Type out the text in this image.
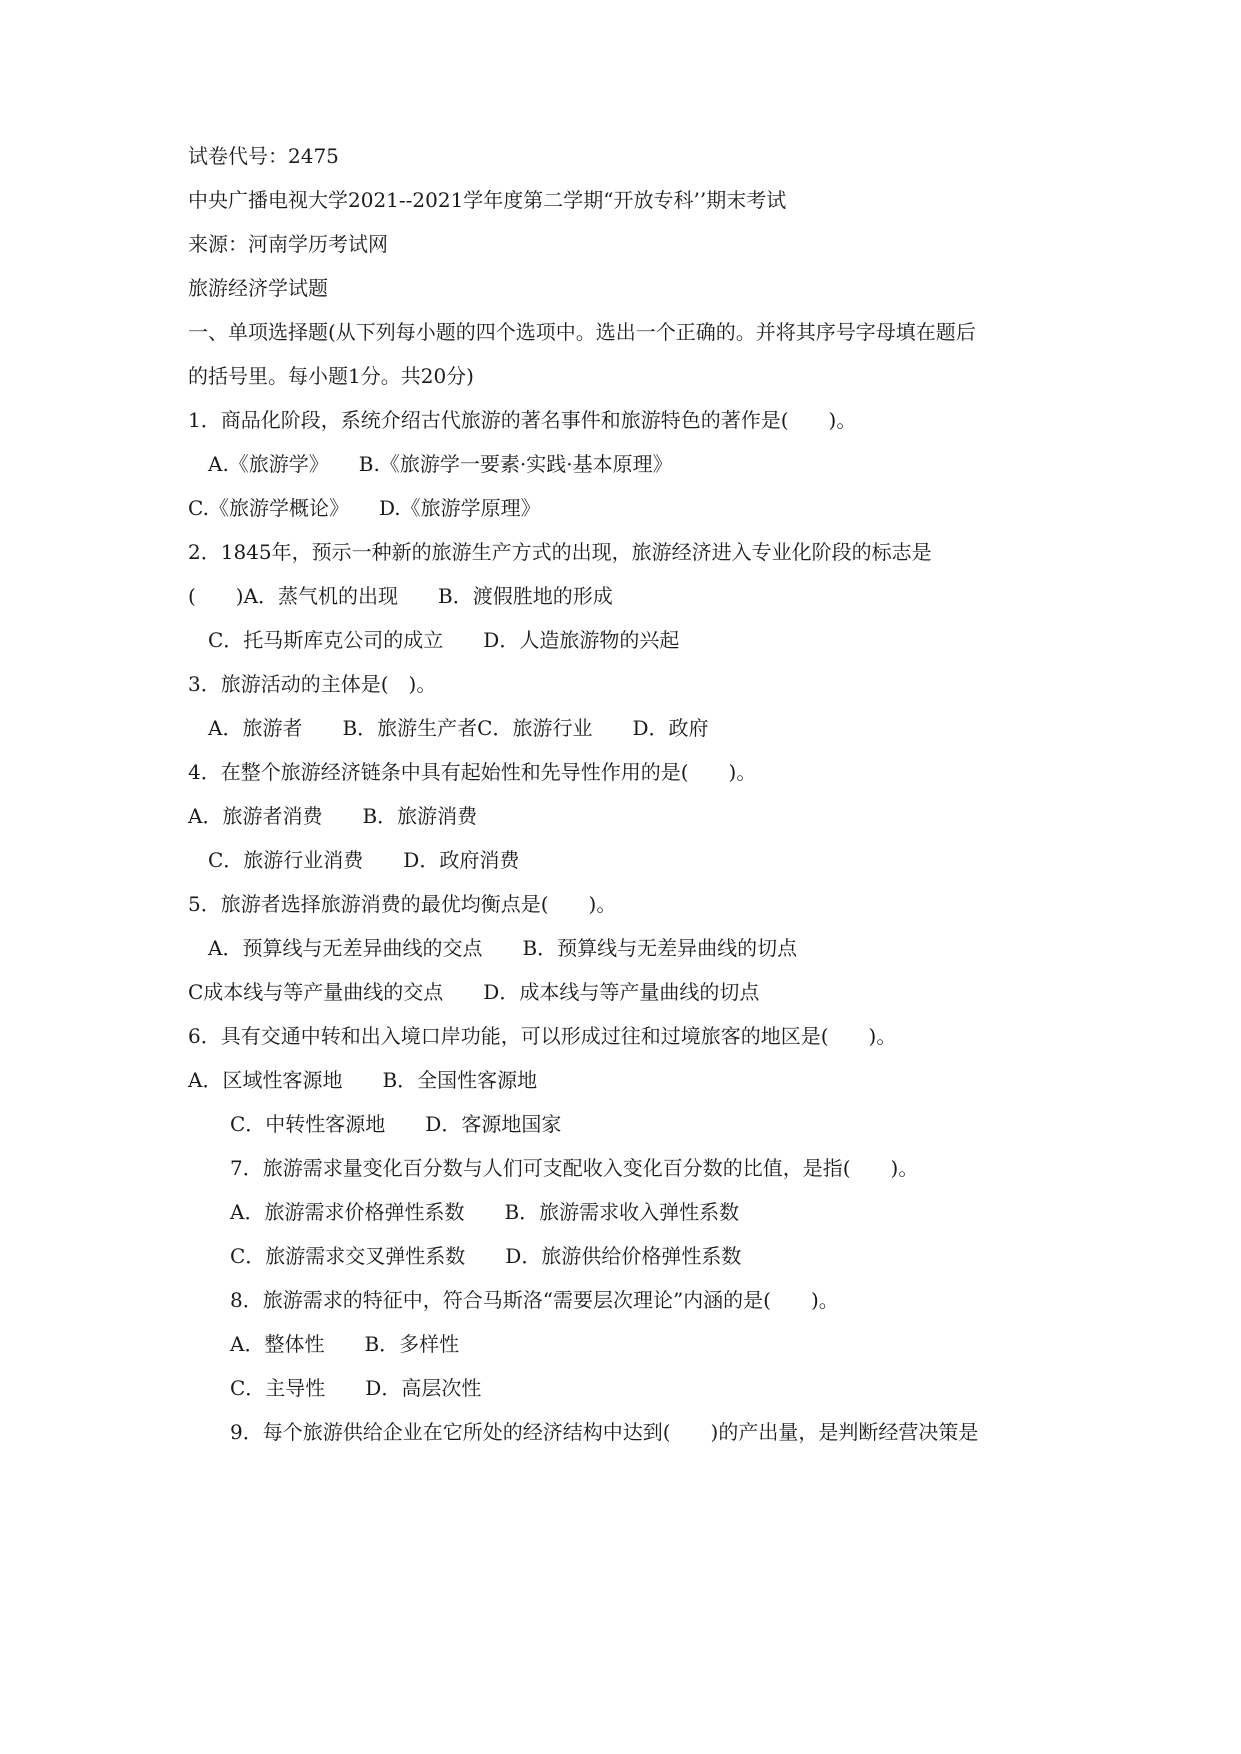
试卷代号：2475
中央广播电视大学2021--2021学年度第二学期“开放专科’’期末考试
来源：河南学历考试网
旅游经济学试题
一、单项选择题(从下列每小题的四个选项中。选出一个正确的。并将其序号字母填在题后
的括号里。每小题1分。共20分)
1．商品化阶段，系统介绍古代旅游的著名事件和旅游特色的著作是(　　)。
A.《旅游学》　　B.《旅游学一要素·实践·基本原理》
C.《旅游学概论》　　D.《旅游学原理》
2．1845年，预示一种新的旅游生产方式的出现，旅游经济进入专业化阶段的标志是
(　　)A．蒸气机的出现　　B．渡假胜地的形成
C．托马斯库克公司的成立　　D．人造旅游物的兴起
3．旅游活动的主体是(　)。
A．旅游者　　B．旅游生产者C．旅游行业　　D．政府
4．在整个旅游经济链条中具有起始性和先导性作用的是(　　)。
A．旅游者消费　　B．旅游消费
C．旅游行业消费　　D．政府消费
5．旅游者选择旅游消费的最优均衡点是(　　)。
A．预算线与无差异曲线的交点　　B．预算线与无差异曲线的切点
C成本线与等产量曲线的交点　　D．成本线与等产量曲线的切点
6．具有交通中转和出入境口岸功能，可以形成过往和过境旅客的地区是(　　)。
A．区域性客源地　　B．全国性客源地
C．中转性客源地　　D．客源地国家
7．旅游需求量变化百分数与人们可支配收入变化百分数的比值，是指(　　)。
A．旅游需求价格弹性系数　　B．旅游需求收入弹性系数
C．旅游需求交叉弹性系数　　D．旅游供给价格弹性系数
8．旅游需求的特征中，符合马斯洛“需要层次理论”内涵的是(　　)。
A．整体性　　B．多样性
C．主导性　　D．高层次性
9．每个旅游供给企业在它所处的经济结构中达到(　　)的产出量，是判断经营决策是
